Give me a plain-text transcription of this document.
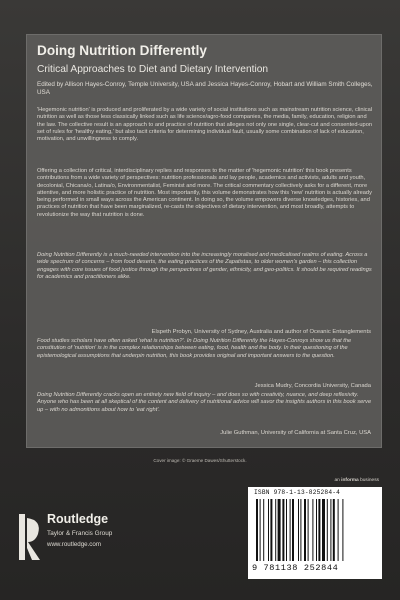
Doing Nutrition Differently
Critical Approaches to Diet and Dietary Intervention
Edited by Allison Hayes-Conroy, Temple University, USA and Jessica Hayes-Conroy, Hobart and William Smith Colleges, USA
'Hegemonic nutrition' is produced and proliferated by a wide variety of social institutions such as mainstream nutrition science, clinical nutrition as well as those less classically linked such as life science/agro-food companies, the media, family, education, religion and the law. The collective result is an approach to and practice of nutrition that alleges not only one single, clear-cut and consented-upon set of rules for 'healthy eating,' but also tacit criteria for determining individual fault, usually some combination of lack of education, motivation, and unwillingness to comply.
Offering a collection of critical, interdisciplinary replies and responses to the matter of 'hegemonic nutrition' this book presents contributions from a wide variety of perspectives: nutrition professionals and lay people, academics and activists, adults and youth, decolonial, Chicana/o, Latina/o, Environmentalist, Feminist and more. The critical commentary collectively asks for a different, more attentive, and more holistic practice of nutrition. Most importantly, this volume demonstrates how this 'new' nutrition is actually already being performed in small ways across the American continent. In doing so, the volume empowers diverse knowledges, histories, and practices of nutrition that have been marginalized, re-casts the objectives of dietary intervention, and most broadly, attempts to revolutionize the way that nutrition is done.
Doing Nutrition Differently is a much-needed intervention into the increasingly moralised and medicalised realms of eating. Across a wide spectrum of concerns – from food deserts, the eating practices of the Zapatistas, to older women's garden – this collection engages with core issues of food justice through the perspectives of gender, ethnicity, and geo-politics. It should be required readings for academics and practitioners alike.
Elspeth Probyn, University of Sydney, Australia and author of Oceanic Entanglements
Food studies scholars have often asked 'what is nutrition?'. In Doing Nutrition Differently the Hayes-Conroys show us that the constitution of 'nutrition' is in the complex relationships between eating, food, health and the body. In their questioning of the epistemological assumptions that underpin nutrition, this book provides original and important answers to the question.
Jessica Mudry, Concordia University, Canada
Doing Nutrition Differently cracks open an entirely new field of inquiry – and does so with creativity, nuance, and deep reflexivity. Anyone who has been at all skeptical of the content and delivery of nutritional advice will savor the insights authors in this book serve up – with no admonitions about how to 'eat right'.
Julie Guthman, University of California at Santa Cruz, USA
Cover image: © Graeme Dawes/Shutterstock.
an informa business
Routledge
Taylor & Francis Group
www.routledge.com
ISBN 978-1-13-825284-4
9 781138 252844
